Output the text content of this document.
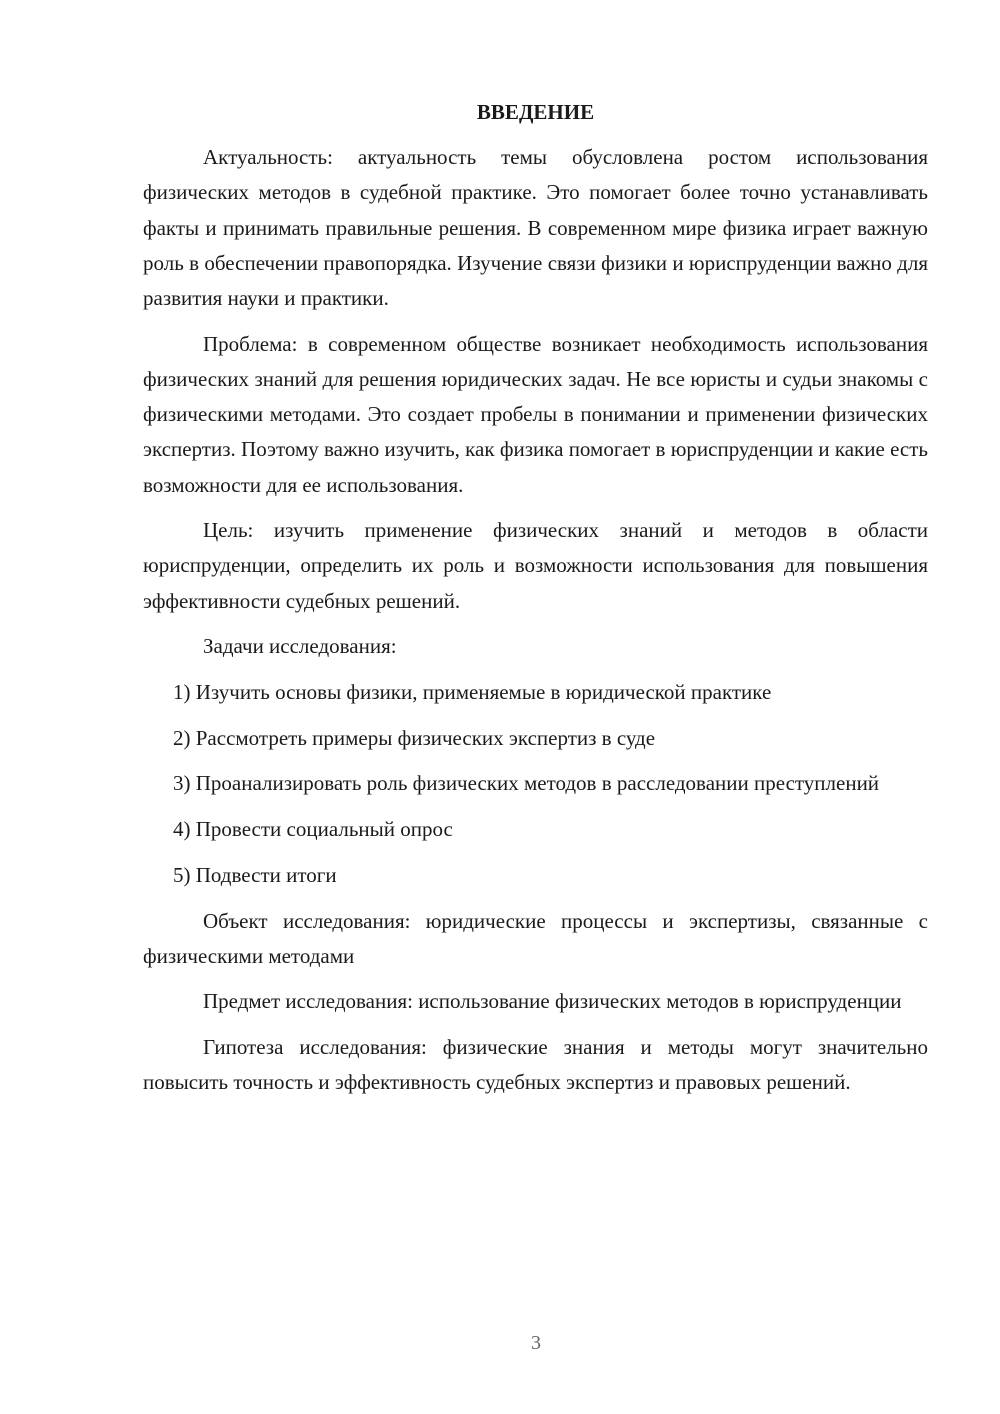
ВВЕДЕНИЕ

Актуальность: актуальность темы обусловлена ростом использования физических методов в судебной практике. Это помогает более точно устанавливать факты и принимать правильные решения. В современном мире физика играет важную роль в обеспечении правопорядка. Изучение связи физики и юриспруденции важно для развития науки и практики.

Проблема: в современном обществе возникает необходимость использования физических знаний для решения юридических задач. Не все юристы и судьи знакомы с физическими методами. Это создает пробелы в понимании и применении физических экспертиз. Поэтому важно изучить, как физика помогает в юриспруденции и какие есть возможности для ее использования.

Цель: изучить применение физических знаний и методов в области юриспруденции, определить их роль и возможности использования для повышения эффективности судебных решений.

Задачи исследования:

1) Изучить основы физики, применяемые в юридической практике

2) Рассмотреть примеры физических экспертиз в суде

3) Проанализировать роль физических методов в расследовании преступлений

4) Провести социальный опрос

5) Подвести итоги

Объект исследования: юридические процессы и экспертизы, связанные с физическими методами

Предмет исследования: использование физических методов в юриспруденции

Гипотеза исследования: физические знания и методы могут значительно повысить точность и эффективность судебных экспертиз и правовых решений.

3
